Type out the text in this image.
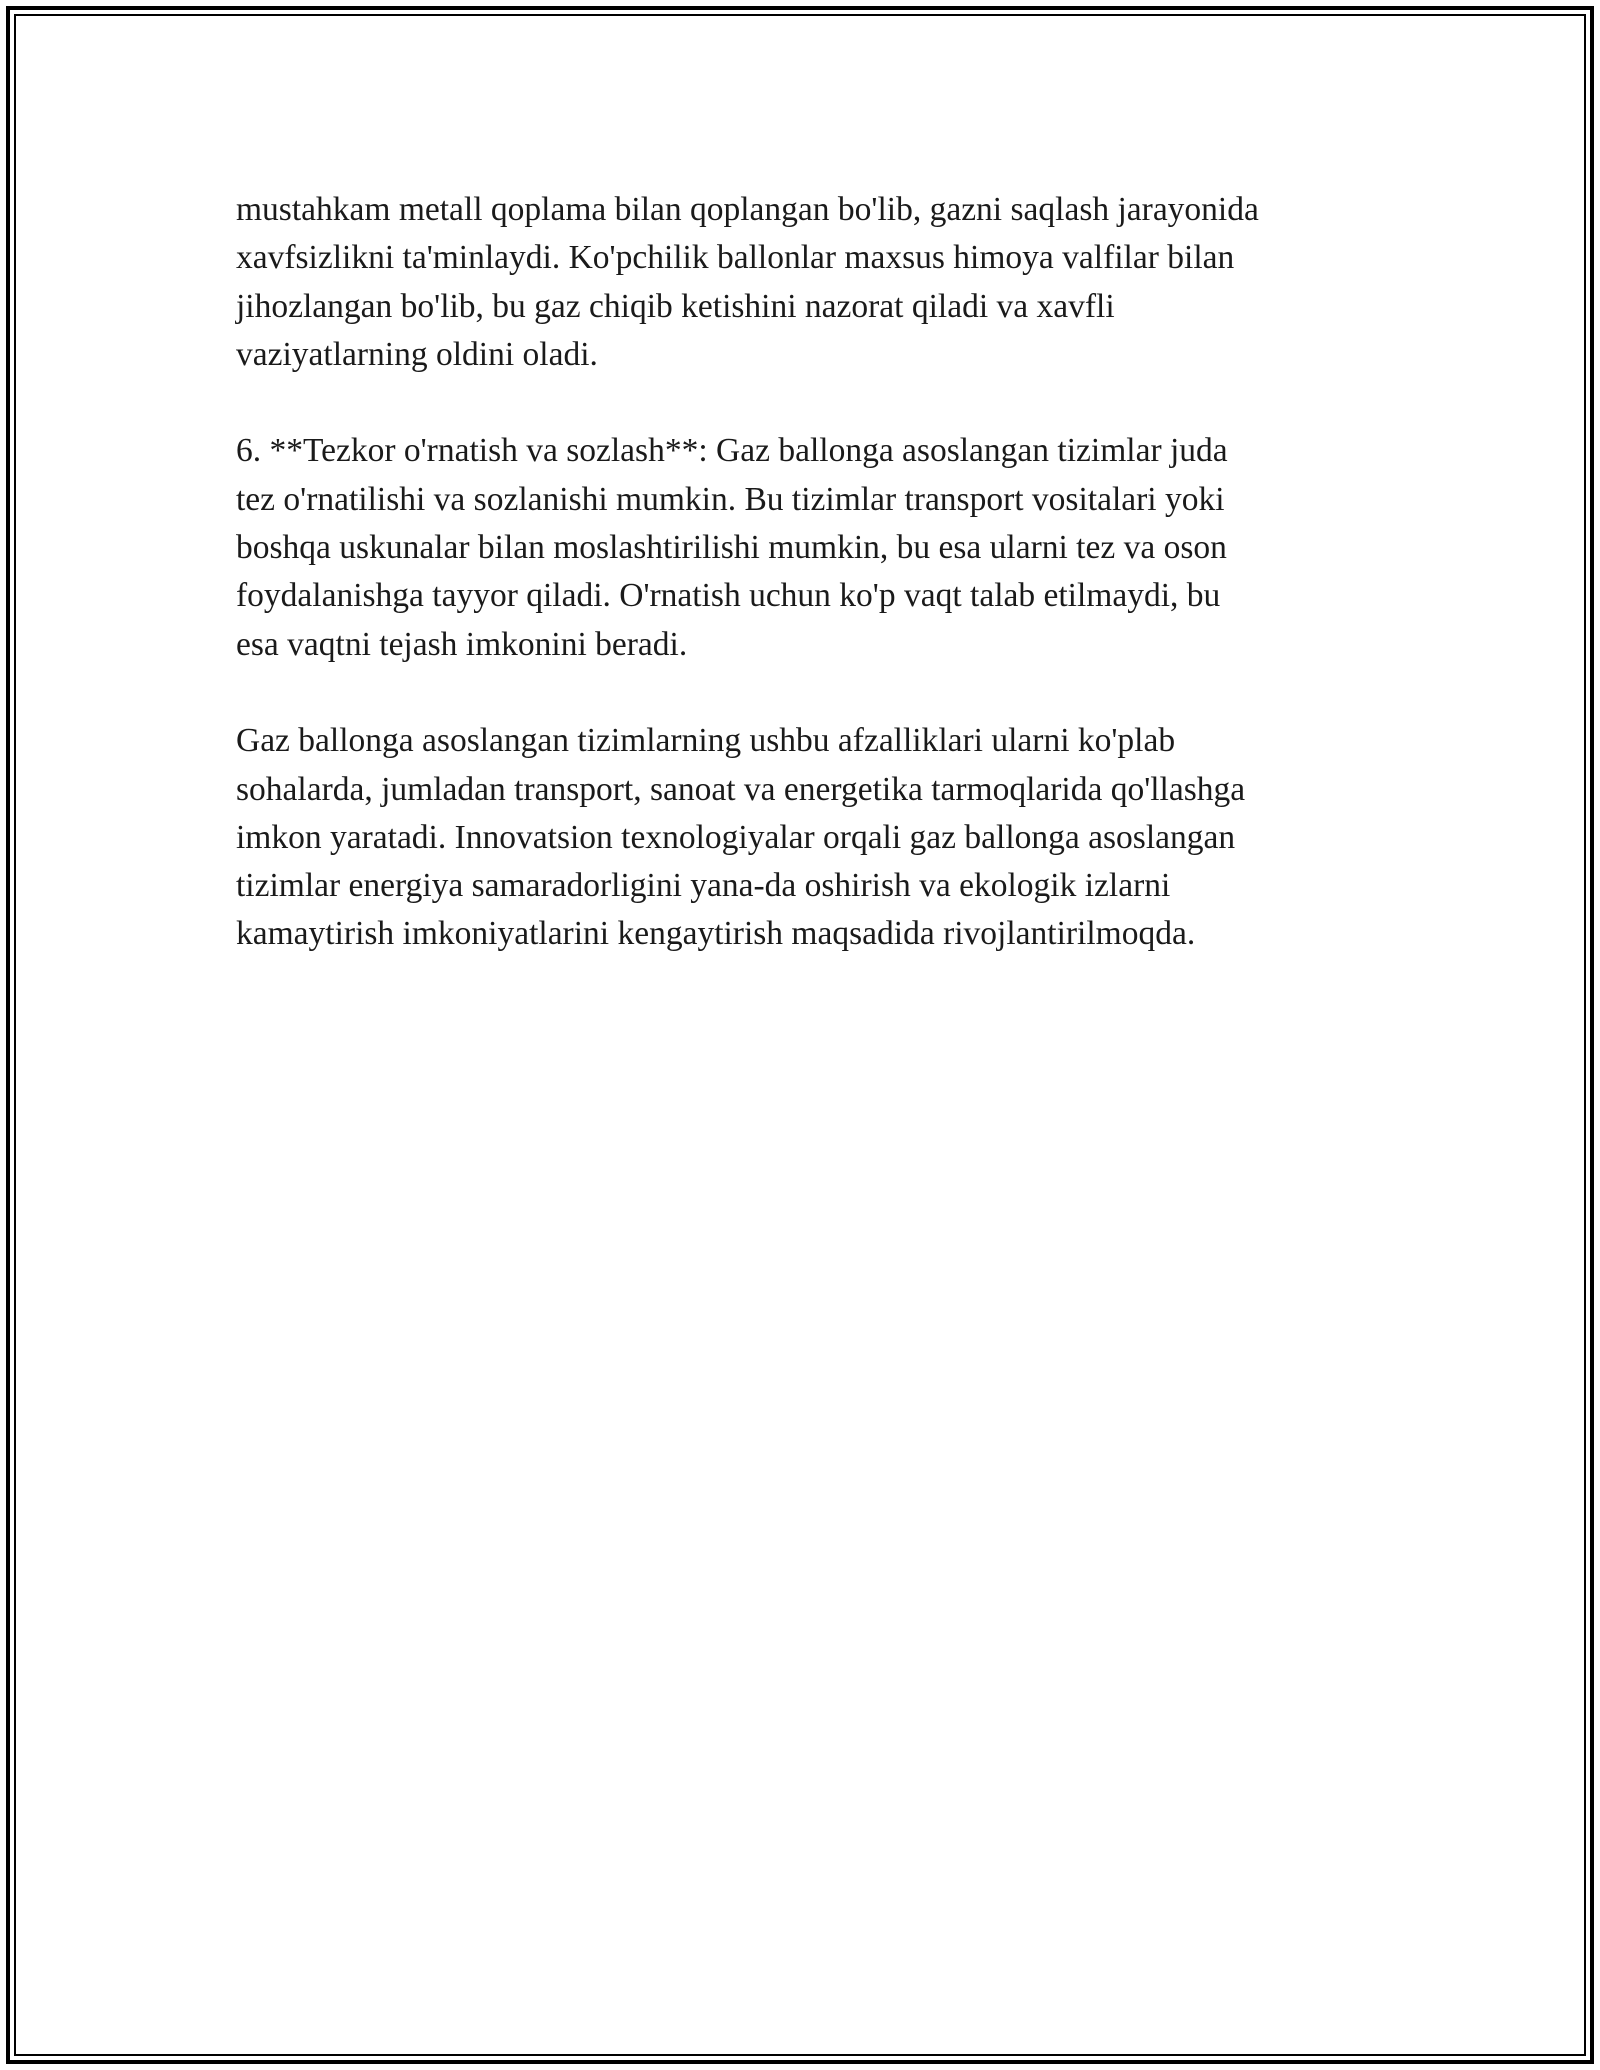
mustahkam metall qoplama bilan qoplangan bo'lib, gazni saqlash jarayonida
xavfsizlikni ta'minlaydi. Ko'pchilik ballonlar maxsus himoya valfilar bilan
jihozlangan bo'lib, bu gaz chiqib ketishini nazorat qiladi va xavfli
vaziyatlarning oldini oladi.

6. **Tezkor o'rnatish va sozlash**: Gaz ballonga asoslangan tizimlar juda
tez o'rnatilishi va sozlanishi mumkin. Bu tizimlar transport vositalari yoki
boshqa uskunalar bilan moslashtirilishi mumkin, bu esa ularni tez va oson
foydalanishga tayyor qiladi. O'rnatish uchun ko'p vaqt talab etilmaydi, bu
esa vaqtni tejash imkonini beradi.

Gaz ballonga asoslangan tizimlarning ushbu afzalliklari ularni ko'plab
sohalarda, jumladan transport, sanoat va energetika tarmoqlarida qo'llashga
imkon yaratadi. Innovatsion texnologiyalar orqali gaz ballonga asoslangan
tizimlar energiya samaradorligini yana-da oshirish va ekologik izlarni
kamaytirish imkoniyatlarini kengaytirish maqsadida rivojlantirilmoqda.
